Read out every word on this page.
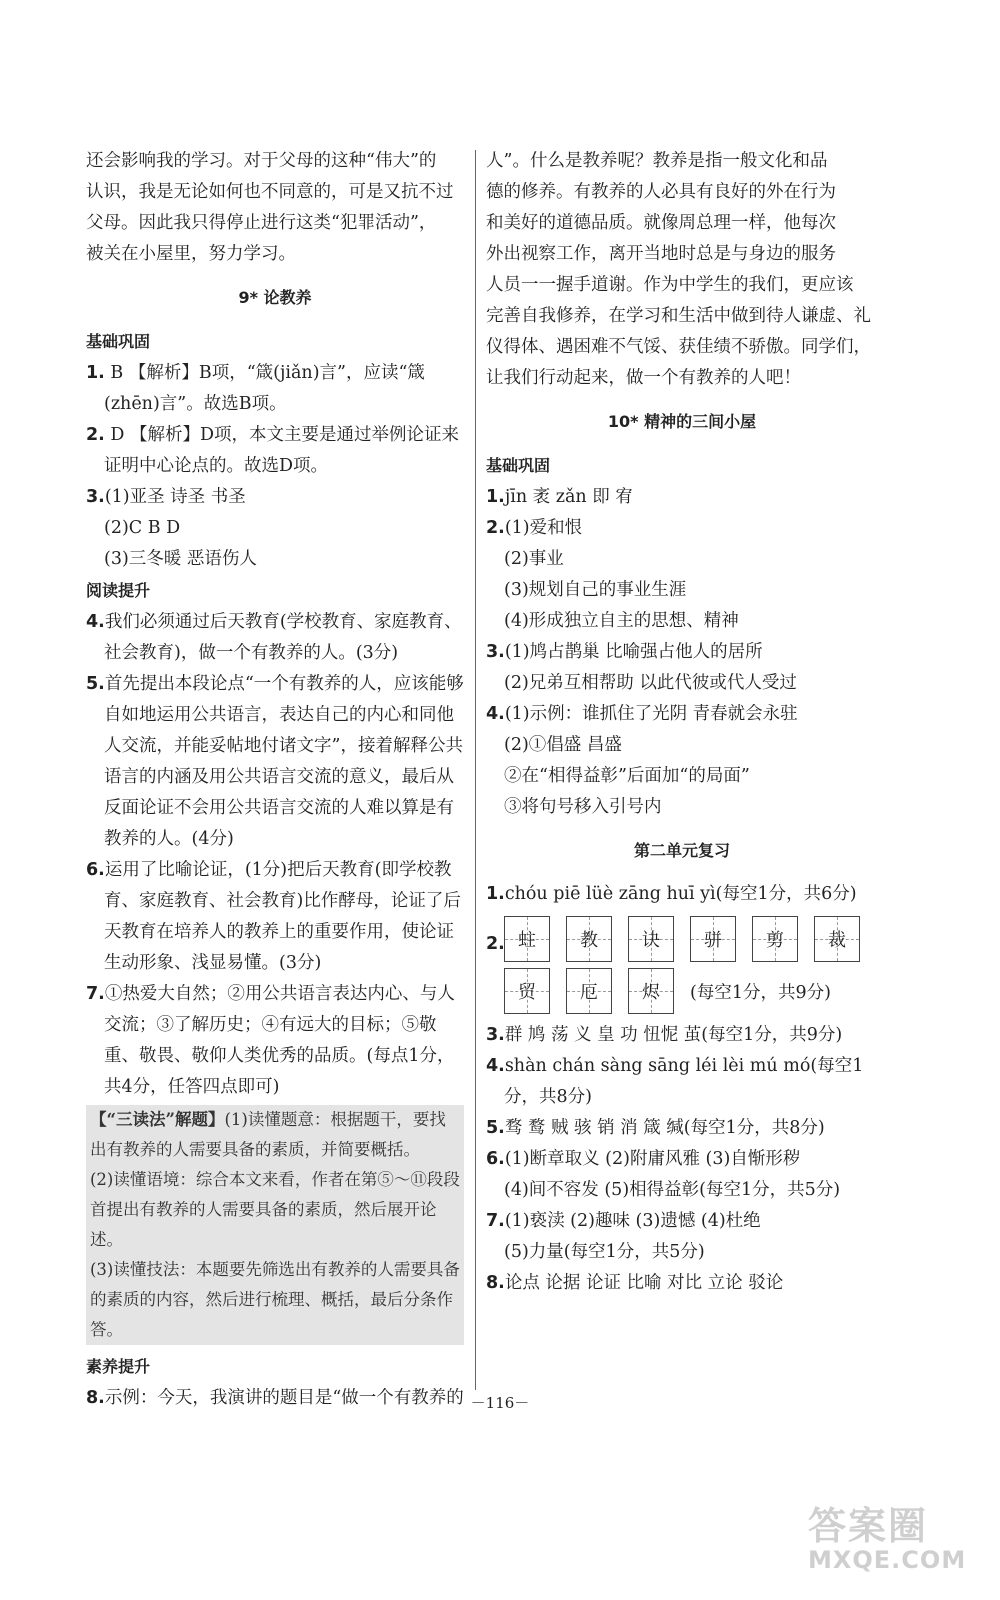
还会影响我的学习。对于父母的这种“伟大”的

认识，我是无论如何也不同意的，可是又抗不过

父母。因此我只得停止进行这类“犯罪活动”，

被关在小屋里，努力学习。

9* 论教养

基础巩固

1. B 【解析】B项，“箴(jiǎn)言”，应读“箴(zhēn)言”。故选B项。

2. D 【解析】D项，本文主要是通过举例论证来证明中心论点的。故选D项。

3.(1)亚圣 诗圣 书圣

(2)C B D

(3)三冬暖 恶语伤人

阅读提升

4.我们必须通过后天教育(学校教育、家庭教育、社会教育)，做一个有教养的人。(3分)

5.首先提出本段论点“一个有教养的人，应该能够自如地运用公共语言，表达自己的内心和同他人交流，并能妥帖地付诸文字”，接着解释公共语言的内涵及用公共语言交流的意义，最后从反面论证不会用公共语言交流的人难以算是有教养的人。(4分)

6.运用了比喻论证，(1分)把后天教育(即学校教育、家庭教育、社会教育)比作酵母，论证了后天教育在培养人的教养上的重要作用，使论证生动形象、浅显易懂。(3分)

7.①热爱大自然；②用公共语言表达内心、与人交流；③了解历史；④有远大的目标；⑤敬重、敬畏、敬仰人类优秀的品质。(每点1分，共4分，任答四点即可)

【“三读法”解题】(1)读懂题意：根据题干，要找出有教养的人需要具备的素质，并简要概括。

(2)读懂语境：综合本文来看，作者在第⑤～⑪段段首提出有教养的人需要具备的素质，然后展开论述。

(3)读懂技法：本题要先筛选出有教养的人需要具备的素质的内容，然后进行梳理、概括，最后分条作答。

素养提升

8.示例：今天，我演讲的题目是“做一个有教养的

人”。什么是教养呢？教养是指一般文化和品

德的修养。有教养的人必具有良好的外在行为

和美好的道德品质。就像周总理一样，他每次

外出视察工作，离开当地时总是与身边的服务

人员一一握手道谢。作为中学生的我们，更应该

完善自我修养，在学习和生活中做到待人谦虚、礼

仪得体、遇困难不气馁、获佳绩不骄傲。同学们，

让我们行动起来，做一个有教养的人吧！

10* 精神的三间小屋

基础巩固

1.jīn 袤 zǎn 即 宥

2.(1)爱和恨

(2)事业

(3)规划自己的事业生涯

(4)形成独立自主的思想、精神

3.(1)鸠占鹊巢 比喻强占他人的居所

(2)兄弟互相帮助 以此代彼或代人受过

4.(1)示例：谁抓住了光阴 青春就会永驻

(2)①倡盛 昌盛

②在“相得益彰”后面加“的局面”

③将句号移入引号内

第二单元复习

1.chóu piē lüè zāng huī yì(每空1分，共6分)

2. 蛀 教 诀 骈 剪 裁
贸 厄 烬 (每空1分，共9分)

3.群 鸠 荡 义 皇 功 忸怩 茧(每空1分，共9分)

4.shàn chán sàng sāng léi lèi mú mó(每空1分，共8分)

5.骛 鹜 贼 骇 销 消 箴 缄(每空1分，共8分)

6.(1)断章取义 (2)附庸风雅 (3)自惭形秽

(4)间不容发 (5)相得益彰(每空1分，共5分)

7.(1)亵渎 (2)趣味 (3)遗憾 (4)杜绝

(5)力量(每空1分，共5分)

8.论点 论据 论证 比喻 对比 立论 驳论

－116－
答案圈
MXQE.COM
